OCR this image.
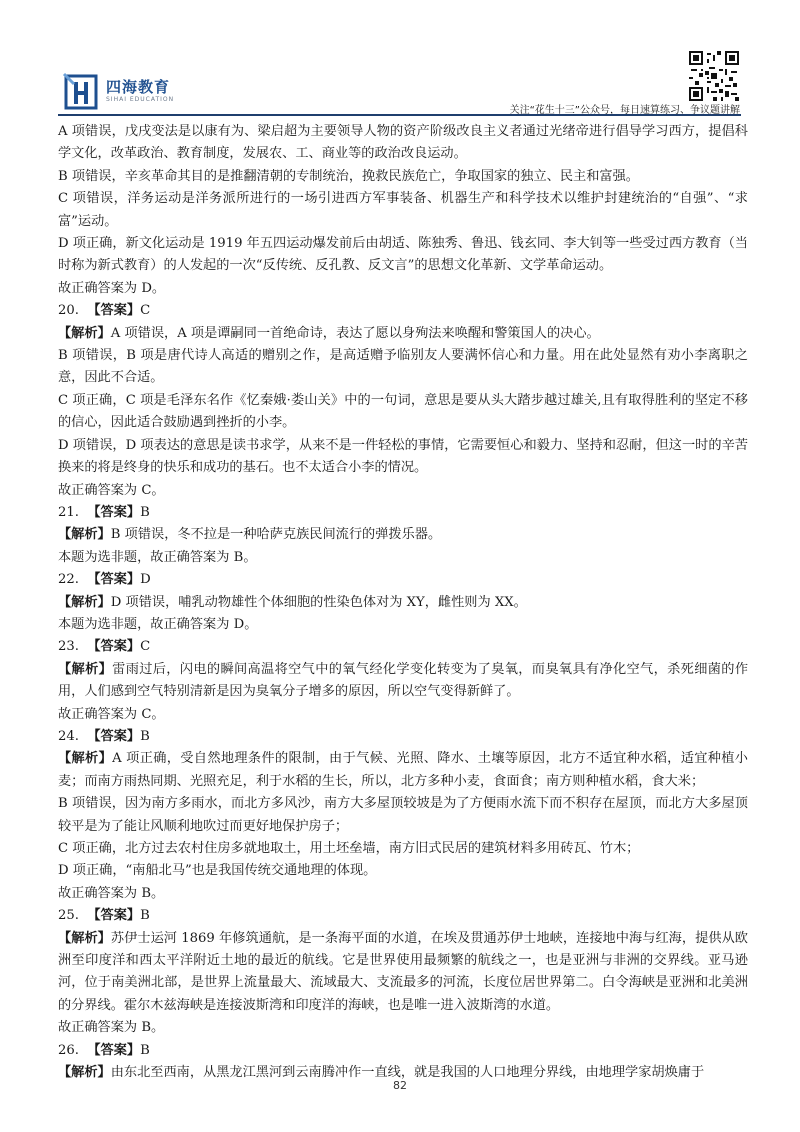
四海教育
SIHAI EDUCATION
关注“花生十三”公众号，每日速算练习、争议题讲解

A 项错误，戊戌变法是以康有为、梁启超为主要领导人物的资产阶级改良主义者通过光绪帝进行倡导学习西方，提倡科学文化，改革政治、教育制度，发展农、工、商业等的政治改良运动。

B 项错误，辛亥革命其目的是推翻清朝的专制统治，挽救民族危亡，争取国家的独立、民主和富强。

C 项错误，洋务运动是洋务派所进行的一场引进西方军事装备、机器生产和科学技术以维护封建统治的“自强”、“求富”运动。

D 项正确，新文化运动是 1919 年五四运动爆发前后由胡适、陈独秀、鲁迅、钱玄同、李大钊等一些受过西方教育（当时称为新式教育）的人发起的一次“反传统、反孔教、反文言”的思想文化革新、文学革命运动。

故正确答案为 D。

20. 【答案】C

【解析】A 项错误，A 项是谭嗣同一首绝命诗，表达了愿以身殉法来唤醒和警策国人的决心。

B 项错误，B 项是唐代诗人高适的赠别之作，是高适赠予临别友人要满怀信心和力量。用在此处显然有劝小李离职之意，因此不合适。

C 项正确，C 项是毛泽东名作《忆秦娥·娄山关》中的一句词，意思是要从头大踏步越过雄关,且有取得胜利的坚定不移的信心，因此适合鼓励遇到挫折的小李。

D 项错误，D 项表达的意思是读书求学，从来不是一件轻松的事情，它需要恒心和毅力、坚持和忍耐，但这一时的辛苦换来的将是终身的快乐和成功的基石。也不太适合小李的情况。

故正确答案为 C。

21. 【答案】B

【解析】B 项错误，冬不拉是一种哈萨克族民间流行的弹拨乐器。

本题为选非题，故正确答案为 B。

22. 【答案】D

【解析】D 项错误，哺乳动物雄性个体细胞的性染色体对为 XY，雌性则为 XX。

本题为选非题，故正确答案为 D。

23. 【答案】C

【解析】雷雨过后，闪电的瞬间高温将空气中的氧气经化学变化转变为了臭氧，而臭氧具有净化空气，杀死细菌的作用，人们感到空气特别清新是因为臭氧分子增多的原因，所以空气变得新鲜了。

故正确答案为 C。

24. 【答案】B

【解析】A 项正确，受自然地理条件的限制，由于气候、光照、降水、土壤等原因，北方不适宜种水稻，适宜种植小麦；而南方雨热同期、光照充足，利于水稻的生长，所以，北方多种小麦，食面食；南方则种植水稻，食大米；

B 项错误，因为南方多雨水，而北方多风沙，南方大多屋顶较坡是为了方便雨水流下而不积存在屋顶，而北方大多屋顶较平是为了能让风顺利地吹过而更好地保护房子；

C 项正确，北方过去农村住房多就地取土，用土坯垒墙，南方旧式民居的建筑材料多用砖瓦、竹木；

D 项正确，“南船北马”也是我国传统交通地理的体现。

故正确答案为 B。

25. 【答案】B

【解析】苏伊士运河 1869 年修筑通航，是一条海平面的水道，在埃及贯通苏伊士地峡，连接地中海与红海，提供从欧洲至印度洋和西太平洋附近土地的最近的航线。它是世界使用最频繁的航线之一，也是亚洲与非洲的交界线。亚马逊河，位于南美洲北部，是世界上流量最大、流域最大、支流最多的河流，长度位居世界第二。白令海峡是亚洲和北美洲的分界线。霍尔木兹海峡是连接波斯湾和印度洋的海峡，也是唯一进入波斯湾的水道。

故正确答案为 B。

26. 【答案】B

【解析】由东北至西南，从黑龙江黑河到云南腾冲作一直线，就是我国的人口地理分界线，由地理学家胡焕庸于

82
